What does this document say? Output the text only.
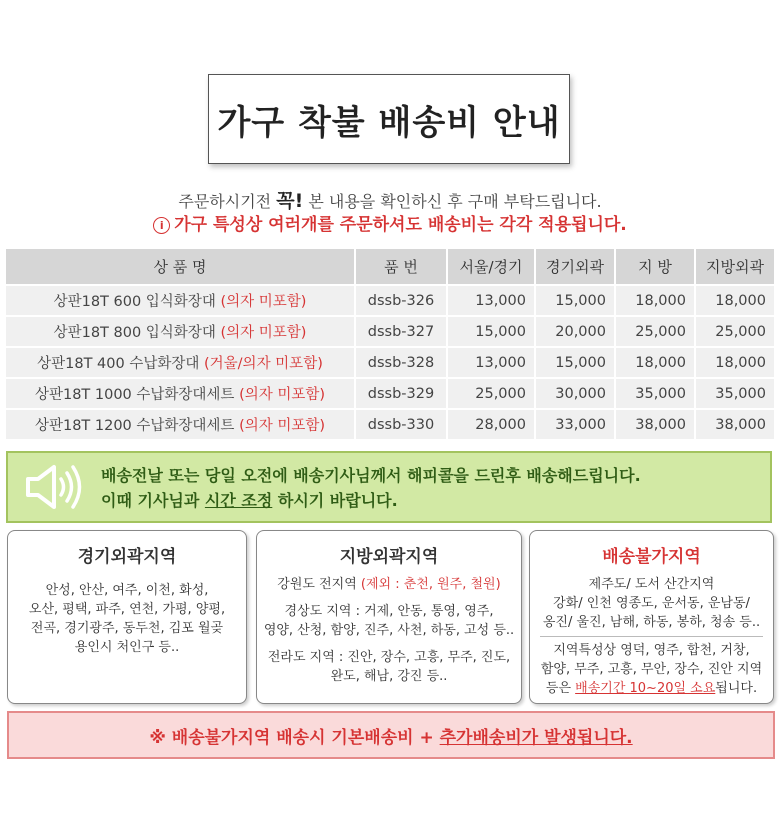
가구 착불 배송비 안내
주문하시기전 꼭! 본 내용을 확인하신 후 구매 부탁드립니다.
i 가구 특성상 여러개를 주문하셔도 배송비는 각각 적용됩니다.
상 품 명	품 번	서울/경기	경기외곽	지 방	지방외곽
상판18T 600 입식화장대 (의자 미포함)	dssb-326	13,000	15,000	18,000	18,000
상판18T 800 입식화장대 (의자 미포함)	dssb-327	15,000	20,000	25,000	25,000
상판18T 400 수납화장대 (거울/의자 미포함)	dssb-328	13,000	15,000	18,000	18,000
상판18T 1000 수납화장대세트 (의자 미포함)	dssb-329	25,000	30,000	35,000	35,000
상판18T 1200 수납화장대세트 (의자 미포함)	dssb-330	28,000	33,000	38,000	38,000
배송전날 또는 당일 오전에 배송기사님께서 해피콜을 드린후 배송해드립니다.
이때 기사님과 시간 조정 하시기 바랍니다.
경기외곽지역
안성, 안산, 여주, 이천, 화성,
오산, 평택, 파주, 연천, 가평, 양평,
전곡, 경기광주, 동두천, 김포 월곶
용인시 처인구 등..
지방외곽지역
강원도 전지역 (제외 : 춘천, 원주, 철원)
경상도 지역 : 거제, 안동, 통영, 영주,
영양, 산청, 함양, 진주, 사천, 하동, 고성 등..
전라도 지역 : 진안, 장수, 고흥, 무주, 진도,
완도, 해남, 강진 등..
배송불가지역
제주도/ 도서 산간지역
강화/ 인천 영종도, 운서동, 운남동/
옹진/ 울진, 남해, 하동, 봉하, 청송 등..
지역특성상 영덕, 영주, 합천, 거창,
함양, 무주, 고흥, 무안, 장수, 진안 지역
등은 배송기간 10~20일 소요됩니다.
※ 배송불가지역 배송시 기본배송비 +
추가배송비가 발생됩니다.
